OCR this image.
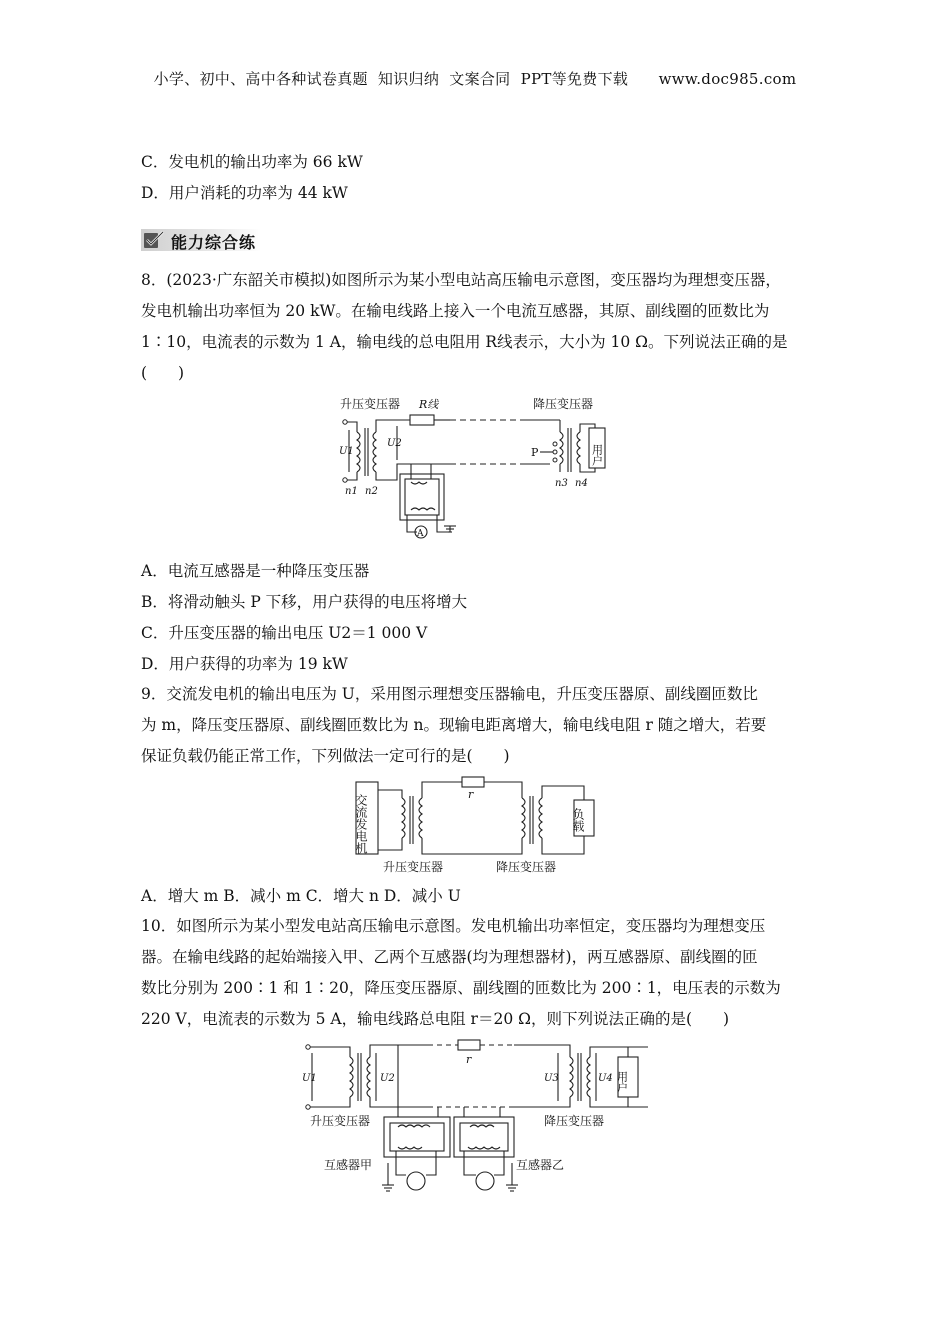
小学、初中、高中各种试卷真题  知识归纳  文案合同  PPT等免费下载      www.doc985.com
C．发电机的输出功率为 66 kW
D．用户消耗的功率为 44 kW
能力综合练
8．(2023·广东韶关市模拟)如图所示为某小型电站高压输电示意图，变压器均为理想变压器，
发电机输出功率恒为 20 kW。在输电线路上接入一个电流互感器，其原、副线圈的匝数比为
1∶10，电流表的示数为 1 A，输电线的总电阻用 R线表示，大小为 10 Ω。下列说法正确的是
(　　)
升压变压器 R线	降压变压器
U1
U2
n1 n2
P
n3 n4
用户
A
A．电流互感器是一种降压变压器
B．将滑动触头 P 下移，用户获得的电压将增大
C．升压变压器的输出电压 U2＝1 000 V
D．用户获得的功率为 19 kW
9．交流发电机的输出电压为 U，采用图示理想变压器输电，升压变压器原、副线圈匝数比
为 m，降压变压器原、副线圈匝数比为 n。现输电距离增大，输电线电阻 r 随之增大，若要
保证负载仍能正常工作，下列做法一定可行的是(　　)
交流发电机	r
负载
升压变压器	降压变压器
A．增大 m B．减小 m C．增大 n D．减小 U
10．如图所示为某小型发电站高压输电示意图。发电机输出功率恒定，变压器均为理想变压
器。在输电线路的起始端接入甲、乙两个互感器(均为理想器材)，两互感器原、副线圈的匝
数比分别为 200∶1 和 1∶20，降压变压器原、副线圈的匝数比为 200∶1，电压表的示数为
220 V，电流表的示数为 5 A，输电线路总电阻 r＝20 Ω，则下列说法正确的是(　　)
U1	U2	U3	U4
r
用户
升压变压器	降压变压器
互感器甲	互感器乙
